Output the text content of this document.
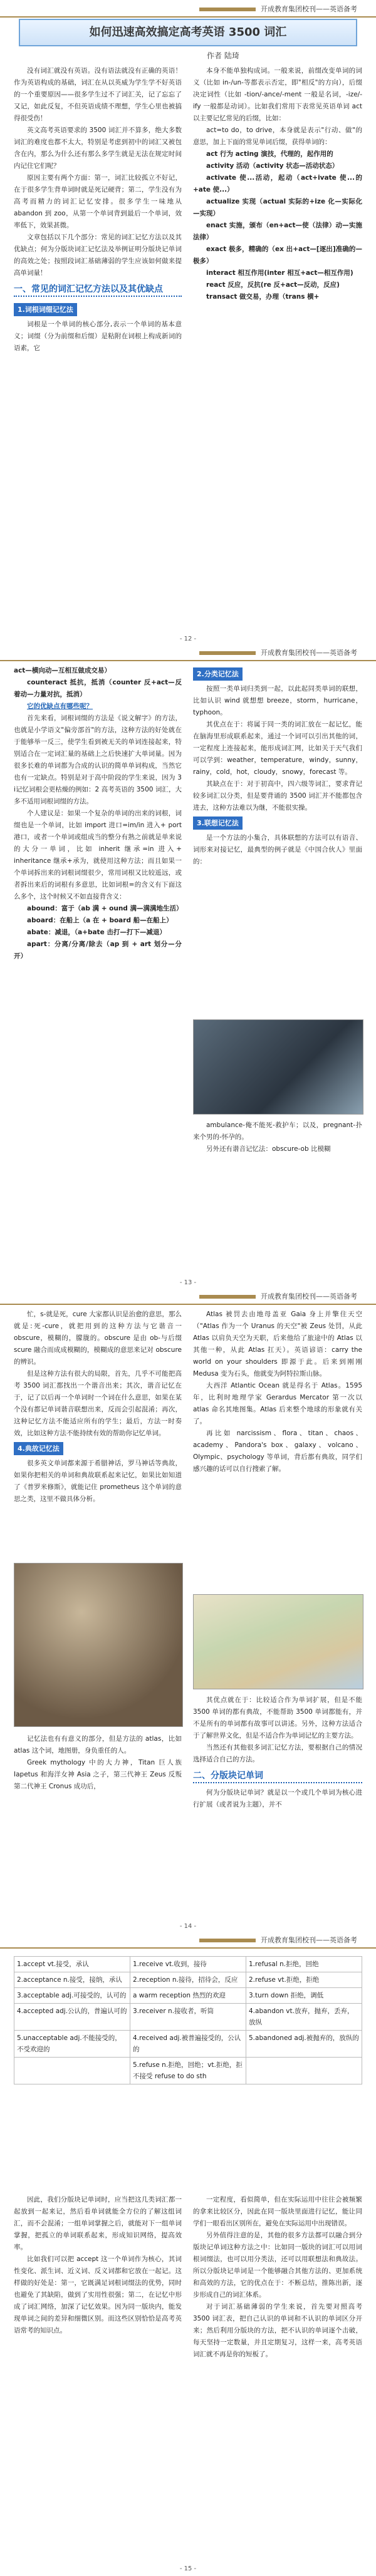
开成教育集团校刊——英语备考
如何迅速高效搞定高考英语 3500 词汇
作者 陆琦

没有词汇就没有英语。没有语法就没有正确的英语！作为英语构成的基础，词汇在从以英威为学生学不好英语的一个重要原因——很多学生过不了词汇关，记了忘忘了又记，如此反复，不但英语成绩不理想，学生心里也被搞得很受伤！

英文高考英语要求的 3500 词汇并不算多，绝大多数词汇的难度也都不太大，特别是考虑到初中的词汇又被包含在内，那么为什么还有那么多学生就是无法在规定时间内记住它们呢？

原因主要有两个方面：第一，词汇比较孤立不好记，在于很多学生背单词时就是死记硬背；第二，学生没有为高考而精力的词汇记忆安排。很多学生一味地从 abandon 到 zoo，从第一个单词背到最后一个单词，效率低下，效果甚微。

文章包括以下几个部分：常见的词汇记忆方法以及其优缺点；何为分版块词汇记忆法及举例证明分版块记单词的高效之处；按照段词汇基础薄弱的学生应该如何做来提高单词量！

一、常见的词汇记忆方法以及其优缺点
1.词根词缀记忆法

词根是一个单词的核心部分,表示一个单词的基本意义；词缀（分为前缀和后缀）是粘附在词根上构成新词的语素，它

本身不能单独构成词。一般来说，前缀改变单词的词义（比如 in-/un-等都表示否定，即"相反"的方向），后缀决定词性（比如 -tion/-ance/-ment 一般是名词，-ize/-ify 一般都是动词）。比如我们常用下表常见英语单词 act 以主要记忆常见的后缀，比如：

act=to do，to drive，本身就是表示"行动、做"的意思，加上下面的常见单词后缀，获得单词的：

act 行为 acting 演技，代理的，起作用的

activity 活动（activity 状态—活动状态）

activate 使...活动，起动（act+ivate 使...的+ate 使...）

actualize 实现（actual 实际的+ize 化—实际化—实现）

enact 实施，颁布（en+act—使（法律）动—实施法律）

exact 极多，精确的（ex 出+act—[逐出]准确的—极多）

interact 相互作用(inter 相互+act—相互作用)

react 反应，反抗(re 反+act—反动，反应)

transact 做交易，办理（trans 横+

- 12 -
开成教育集团校刊——英语备考

act—横向动—互相互做成交易）

counteract 抵抗，抵消（counter 反+act—反着动—力量对抗，抵消）

它的优缺点有哪些呢？

首先来看，词根词缀的方法是《说文解字》的方法，也就是小学语文"偏旁部首"的方法，这种方法的好处就在于能够举一反三，使学生看到被无关的单词连接起来，特别适合在一定词汇量的基础上之后快速扩大单词量。因为很多长难的单词都为合成的认识的简单单词构成，当然它也有一定缺点。特别是对于高中阶段的学生来说，因为 3 ⅰ记忆词根会更枯燥的例如：2 高考英语的 3500 词汇，大多不适用词根词缀的方法。

个人建议是：如果一个复杂的单词的出来的词根，词缀也是一个单词，比如 import 进口=im/in 进入+ port 港口，或者一个单词或组成当的整分有熟之前就是单来说的大分一单词，比如 inherit 继承=in 进入+ inheritance 继承+承为，就使用这种方法；而且如果一个单词拆出来的词根词缀很少，常用词根又比较遥远，或者拆出来后的词根有多意思，比如词根=的含义有下面这么多个，这个时候又不如直接背含义：

abound：富于（ab 满 + ound 满—满满地生活）

aboard：在船上（a 在 + board 船—在船上）

abate：减退，（a+bate 击打—打下—减退）

apart：分离/分离/除去（ap 到 + art 划分—分开）

2.分类记忆法

按照一类单词归类到一起，以此起同类单词的联想，比如认识 wind 就想想 breeze，storm，hurricane，typhoon。

其优点在于：将属于同一类的词汇放在一起记忆，能在脑海里形成联系起来，通过一个词可以引出其他的词，一定程度上连接起来，能形成词汇网，比如关于天气我们可以学到：weather，temperature，windy，sunny，rainy，cold，hot，cloudy，snowy，forecast 等。

其缺点在于：对于初高中，四六级等词汇，要求背记较多词汇以分类，但是要背诵的 3500 词汇并不能都包含进去，这种方法难以为继，不能很实操。

3.联想记忆法

是一个方法的小集合，具体联想的方法可以有语音、词形来对接记忆，最典型的例子就是《中国合伙人》里面的：

ambulance-俺不能死-救护车；以及，pregnant-扑来个男的-怀孕的。

另外还有谐音记忆法：obscure-ob 比模糊

- 13 -
开成教育集团校刊——英语备考

忙，s-就是死，cure 大家都认识是治愈的意思，那么就是:死-cure，就把用到的这种方法与它谐音一 obscure，模糊的，朦胧的。obscure 是由 ob-与后缀 scure 融合而成成模糊的，模糊成的意思来记对 obscure 的辨识。

但是这种方法有很大的局限，首先，几乎不可能把高考 3500 词汇都找出一个谐音出来；其次，谐音记忆在于，记了以后再一个单词时一个词在什么意思，如果在某个没有都记单词谐音联想出来，反而会引起混淆；再次，这种记忆方法不能适应所有的学生；最后，方法一时奏效，比如这种方法不能持续有效的帮助你记忆单词。

4.典故记忆法

很多英文单词都来源于希腊神话，罗马神话等典故，如果你把相关的单词和典故联系起来记忆，如果比如知道了《普罗米修斯》，就能记住 prometheus 这个单词的意思之类，这里不做具体分析。

记忆法也有有意义的部分，但是方法的 atlas，比如 atlas 这个词，地图册，身负重任的人。

Greek mythology 中的大力神，Titan 巨人族 Iapetus 和海洋女神 Asia 之子，第三代神王 Zeus 反叛第二代神王 Cronus 成功后，

Atlas 被罚去由地母盖亚 Gaia 身上并擎住天空（"Atlas 作为一个 Uranus 的天空"被 Zeus 处罚，从此 Atlas 以肩负天空为天职，后来他给了旅途中的 Atlas 以其他一种，从此 Atlas 扛天）。英语谚语：carry the world on your shoulders 即源于此。后来到刚刚 Medusa 变为石头，他就变为阿特拉斯山脉。

大西洋 Atlantic Ocean 就是得名于 Atlas。1595 年，比利时地理学家 Gerardus Mercator 第一次以 atlas 命名其地图集。Atlas 后来整个地球的形象就有关了。

再比如 narcissism、flora、titan、chaos、academy、Pandora's box、galaxy、volcano、Olympic、psychology 等单词，背后都有典故，同学们感兴趣的话可以自行搜索了解。

其优点就在于：比较适合作为单词扩展，但是不能 3500 单词的都有典故，不能帮助 3500 单词都能有，并不是所有的单词都有故事可以讲述。另外，这种方法适合于了解世界文化，但是不适合作为单词记忆的主要方法。

当然还有其他很多词汇记忆方法，要根据自己的情况选择适合自己的方法。

二、分版块记单词

何为分版块记单词？就是以一个或几个单词为核心进行扩展（或者说为主题），并不

- 14 -
开成教育集团校刊——英语备考
1.accept vt.接受，承认	1.receive vt.收到，接待	1.refusal n.拒绝，回绝
2.acceptance n.接受，接纳，承认	2.reception n.接待，招待会，反应	2.refuse vt.拒绝，拒绝
3.acceptable adj.可接受的，认可的	a warm reception 热烈的欢迎	3.turn down 拒绝，调低
4.accepted adj.公认的，普遍认可的	3.receiver n.接收者，听筒	4.abandon vt.放弃，抛弃，丢弃，放纵
5.unacceptable adj.不能接受的，不受欢迎的	4.received adj.被普遍接受的，公认的	5.abandoned adj.被抛弃的，放纵的
	5.refuse n.拒绝，回绝；vt.拒绝，拒不接受 refuse to do sth	

因此，我们分版块记单词时，应当把这几类词汇都一起放到一起来记，然后看单词就能全方位的了解这组词汇，而不会混淆；一组单词掌握之后，就能对下一组单词掌握，把孤立的单词联系起来，形成知识网络，提高效率。

比如我们可以把 accept 这一个单词作为核心，其词性变化、派生词、近义词、反义词都和它放在一起记。这样做的好处是：第一，它既满足词根词缀法的优势，同时也避免了其缺陷，做到了实用性很强；第二，在记忆中形成了词汇网络，加深了记忆效果。因为同一版块内，能发现单词之间的差异和细微区别。而这些区别恰恰是高考英语常考的知识点。

一定程度，看似简单，但在实际运用中往往会被频繁的拿来比较区分，因此在同一版块里面进行记忆，能让同学们一眼看出区别所在，避免在实际运用中出现错误。

另外值得注意的是，其他的很多方法都可以融合到分版块记单词这种方法之中：比如同一版块的词汇可以用词根词缀法，也可以用分类法，还可以用联想法和典故法。所以分版块记单词是一个能够融合其他方法的、更加系统和高效的方法，它的优点在于：不断总结，推陈出新，逐步形成自己的词汇体系。

对于词汇基础薄弱的学生来说，首先要对照高考 3500 词汇表，把自己认识的单词和不认识的单词区分开来；然后利用分版块的方法，把不认识的单词逐个击破，每天坚持一定数量，并且定期复习，这样一来，高考英语词汇就不再是你的短板了。

- 15 -
